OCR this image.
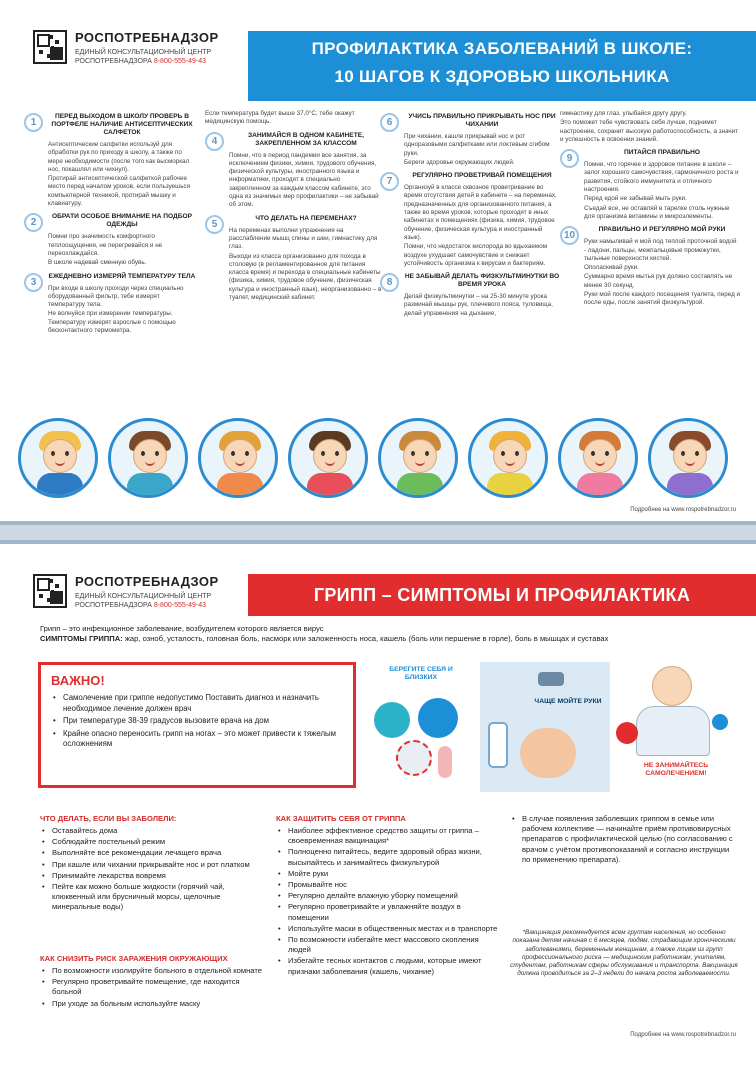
РОСПОТРЕБНАДЗОР
ЕДИНЫЙ КОНСУЛЬТАЦИОННЫЙ ЦЕНТР
РОСПОТРЕБНАДЗОРА 8-800-555-49-43
ПРОФИЛАКТИКА ЗАБОЛЕВАНИЙ В ШКОЛЕ:
10 ШАГОВ К ЗДОРОВЬЮ ШКОЛЬНИКА
1
ПЕРЕД ВЫХОДОМ В ШКОЛУ ПРОВЕРЬ В ПОРТФЕЛЕ НАЛИЧИЕ АНТИСЕПТИЧЕСКИХ САЛФЕТОК

Антисептические салфетки используй для обработки рук по приходу в школу, а также по мере необходимости (после того как высморкал нос, покашлял или чихнул).

Протирай антисептической салфеткой рабочее место перед началом уроков, если пользуешься компьютерной техникой, протирай мышку и клавиатуру.

2
ОБРАТИ ОСОБОЕ ВНИМАНИЕ НА ПОДБОР ОДЕЖДЫ

Помни про значимость комфортного теплоощущения, не перегревайся и не переохлаждайся.

В школе надевай сменную обувь.

3
ЕЖЕДНЕВНО ИЗМЕРЯЙ ТЕМПЕРАТУРУ ТЕЛА

При входе в школу проходи через специально оборудованный фильтр, тебе измерят температуру тела.

Не волнуйся при измерении температуры. Температуру измерят взрослые с помощью бесконтактного термометра.

Если температура будет выше 37,0°С, тебе окажут медицинскую помощь.

4
ЗАНИМАЙСЯ В ОДНОМ КАБИНЕТЕ, ЗАКРЕПЛЕННОМ ЗА КЛАССОМ

Помни, что в период пандемии все занятия, за исключением физики, химии, трудового обучения, физической культуры, иностранного языка и информатики, проходят в специально закрепленном за каждым классом кабинете, это одна из значимых мер профилактики – не забывай об этом.

5
ЧТО ДЕЛАТЬ НА ПЕРЕМЕНАХ?

На переменах выполни упражнения на расслабление мышц спины и шеи, гимнастику для глаз.

Выходи из класса организованно для похода в столовую (в регламентированное для питания класса время) и перехода в специальные кабинеты (физика, химия, трудовое обучение, физическая культура и иностранный язык), неорганизованно – в туалет, медицинский кабинет.

6
УЧИСЬ ПРАВИЛЬНО ПРИКРЫВАТЬ НОС ПРИ ЧИХАНИИ

При чихании, кашле прикрывай нос и рот одноразовыми салфетками или локтевым сгибом руки.

Береги здоровье окружающих людей.

7
РЕГУЛЯРНО ПРОВЕТРИВАЙ ПОМЕЩЕНИЯ

Организуй в классе сквозное проветривание во время отсутствия детей в кабинете – на переменах, предназначенных для организованного питания, а также во время уроков, которые проходят в иных кабинетах и помещениях (физика, химия, трудовое обучение, физическая культура и иностранный язык).

Помни, что недостаток кислорода во вдыхаемом воздухе ухудшает самочувствие и снижает устойчивость организма к вирусам и бактериям.

8
НЕ ЗАБЫВАЙ ДЕЛАТЬ ФИЗКУЛЬТМИНУТКИ ВО ВРЕМЯ УРОКА

Делай физкультминутки – на 25-30 минуте урока разминай мышцы рук, плечевого пояса, туловища, делай упражнения на дыхание,

гимнастику для глаз, улыбайся другу другу.

Это поможет тебе чувствовать себя лучше, поднимет настроение, сохранит высокую работоспособность, а значит и успешность в освоении знаний.

9
ПИТАЙСЯ ПРАВИЛЬНО

Помни, что горячее и здоровое питание в школе – залог хорошего самочувствия, гармоничного роста и развития, стойкого иммунитета и отличного настроения.

Перед едой не забывай мыть руки.

Съедай все, не оставляй в тарелке столь нужные для организма витамины и микроэлементы.

10
ПРАВИЛЬНО И РЕГУЛЯРНО МОЙ РУКИ

Руки намыливай и мой под теплой проточной водой - ладони, пальцы, межпальцевые промежутки, тыльные поверхности кистей.

Ополаскивай руки.

Суммарно время мытья рук должно составлять не менее 30 секунд.

Руки мой после каждого посещения туалета, перед и после еды, после занятий физкультурой.

Подробнее на www.rospotrebnadzor.ru
РОСПОТРЕБНАДЗОР
ЕДИНЫЙ КОНСУЛЬТАЦИОННЫЙ ЦЕНТР
РОСПОТРЕБНАДЗОРА 8-800-555-49-43
ГРИПП – СИМПТОМЫ И ПРОФИЛАКТИКА
Грипп – это инфекционное заболевание, возбудителем которого является вирус
СИМПТОМЫ ГРИППА: жар, озноб, усталость, головная боль, насморк или заложенность носа, кашель (боль или першение в горле), боль в мышцах и суставах
ВАЖНО!
• Самолечение при гриппе недопустимо Поставить диагноз и назначить необходимое лечение должен врач
• При температуре 38-39 градусов вызовите врача на дом
• Крайне опасно переносить грипп на ногах – это может привести к тяжелым осложнениям
БЕРЕГИТЕ СЕБЯ И БЛИЗКИХ
ЧАЩЕ МОЙТЕ РУКИ
НЕ ЗАНИМАЙТЕСЬ САМОЛЕЧЕНИЕМ!
ЧТО ДЕЛАТЬ, ЕСЛИ ВЫ ЗАБОЛЕЛИ:
• Оставайтесь дома
• Соблюдайте постельный режим
• Выполняйте все рекомендации лечащего врача
• При кашле или чихании прикрывайте нос и рот платком
• Принимайте лекарства вовремя
• Пейте как можно больше жидкости (горячий чай, клюквенный или брусничный морсы, щелочные минеральные воды)
КАК СНИЗИТЬ РИСК ЗАРАЖЕНИЯ ОКРУЖАЮЩИХ
• По возможности изолируйте больного в отдельной комнате
• Регулярно проветривайте помещение, где находится больной
• При уходе за больным используйте маску
КАК ЗАЩИТИТЬ СЕБЯ ОТ ГРИППА
• Наиболее эффективное средство защиты от гриппа – своевременная вакцинация*
• Полноценно питайтесь, ведите здоровый образ жизни, высыпайтесь и занимайтесь физкультурой
• Мойте руки
• Промывайте нос
• Регулярно делайте влажную уборку помещений
• Регулярно проветривайте и увлажняйте воздух в помещении
• Используйте маски в общественных местах и в транспорте
• По возможности избегайте мест массового скопления людей
• Избегайте тесных контактов с людьми, которые имеют признаки заболевания (кашель, чихание)
• В случае появления заболевших гриппом в семье или рабочем коллективе — начинайте приём противовирусных препаратов с профилактической целью (по согласованию с врачом с учётом противопоказаний и согласно инструкции по применению препарата).
*Вакцинация рекомендуется всем группам населения, но особенно показана детям начиная с 6 месяцев, людям, страдающим хроническими заболеваниями, беременным женщинам, а также лицам из групп профессионального риска — медицинским работникам, учителям, студентам, работникам сферы обслуживания и транспорта. Вакцинация должна проводиться за 2–3 недели до начала роста заболеваемости.
Подробнее на www.rospotrebnadzor.ru
